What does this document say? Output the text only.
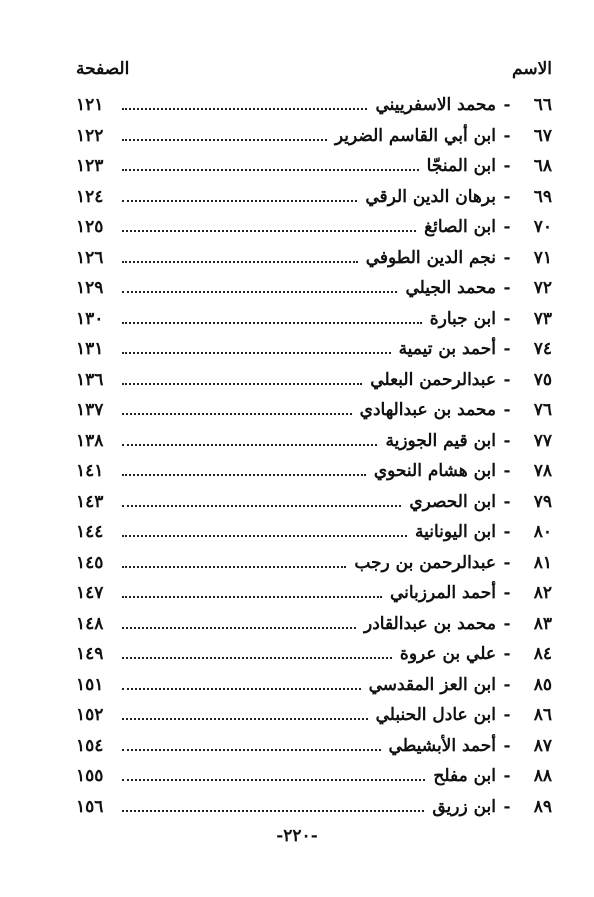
الاسم
الصفحة
٦٦
-
محمد الاسفرييني
١٢١
٦٧
-
ابن أبي القاسم الضرير
١٢٢
٦٨
-
ابن المنجّا
١٢٣
٦٩
-
برهان الدين الرقي
١٢٤
٧٠
-
ابن الصائغ
١٢٥
٧١
-
نجم الدين الطوفي
١٢٦
٧٢
-
محمد الجيلي
١٢٩
٧٣
-
ابن جبارة
١٣٠
٧٤
-
أحمد بن تيمية
١٣١
٧٥
-
عبدالرحمن البعلي
١٣٦
٧٦
-
محمد بن عبدالهادي
١٣٧
٧٧
-
ابن قيم الجوزية
١٣٨
٧٨
-
ابن هشام النحوي
١٤١
٧٩
-
ابن الحصري
١٤٣
٨٠
-
ابن اليونانية
١٤٤
٨١
-
عبدالرحمن بن رجب
١٤٥
٨٢
-
أحمد المرزباني
١٤٧
٨٣
-
محمد بن عبدالقادر
١٤٨
٨٤
-
علي بن عروة
١٤٩
٨٥
-
ابن العز المقدسي
١٥١
٨٦
-
ابن عادل الحنبلي
١٥٢
٨٧
-
أحمد الأبشيطي
١٥٤
٨٨
-
ابن مفلح
١٥٥
٨٩
-
ابن زريق
١٥٦
-٢٢٠-
